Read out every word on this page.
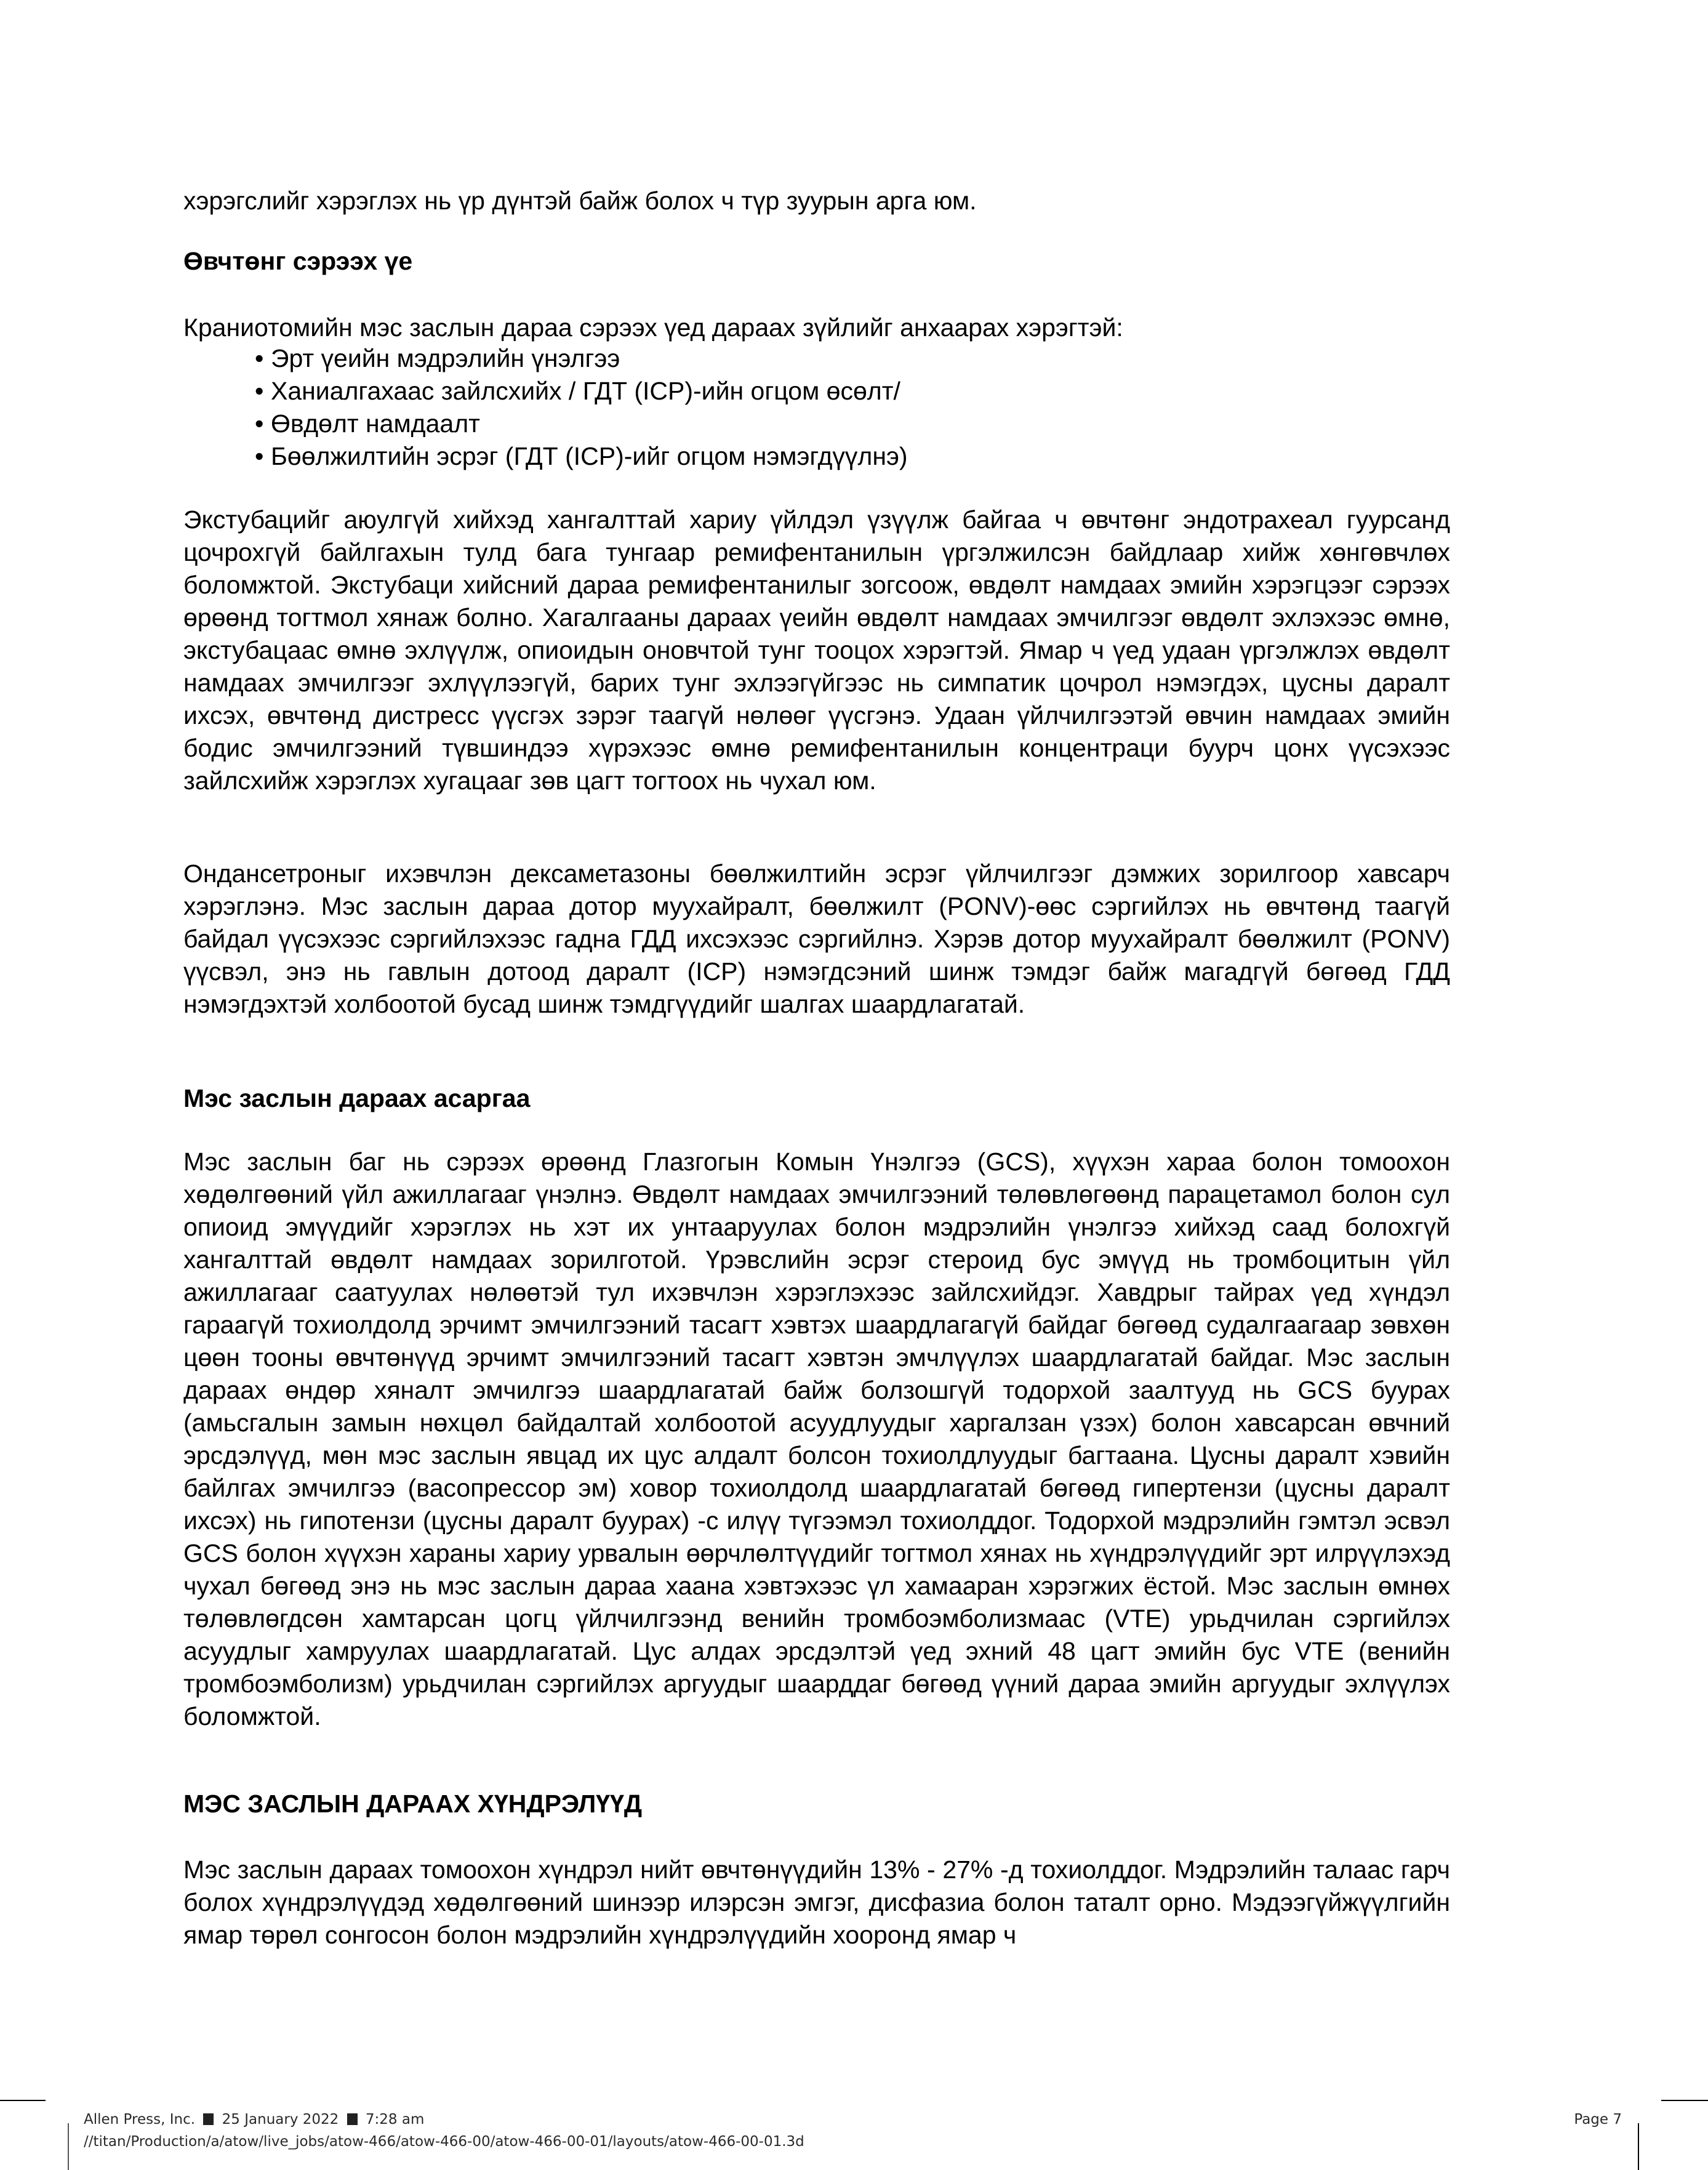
хэрэгслийг хэрэглэх нь үр дүнтэй байж болох ч түр зуурын арга юм.

Өвчтөнг сэрээх үе

Краниотомийн мэс заслын дараа сэрээх үед дараах зүйлийг анхаарах хэрэгтэй:

• Эрт үеийн мэдрэлийн үнэлгээ
• Ханиалгахаас зайлсхийх / ГДТ (ICP)-ийн огцом өсөлт/
• Өвдөлт намдаалт
• Бөөлжилтийн эсрэг (ГДТ (ICP)-ийг огцом нэмэгдүүлнэ)

Экстубацийг аюулгүй хийхэд хангалттай хариу үйлдэл үзүүлж байгаа ч өвчтөнг эндотрахеал гуурсанд цочрохгүй байлгахын тулд бага тунгаар ремифентанилын үргэлжилсэн байдлаар хийж хөнгөвчлөх боломжтой. Экстубаци хийсний дараа ремифентанилыг зогсоож, өвдөлт намдаах эмийн хэрэгцээг сэрээх өрөөнд тогтмол хянаж болно. Хагалгааны дараах үеийн өвдөлт намдаах эмчилгээг өвдөлт эхлэхээс өмнө, экстубацаас өмнө эхлүүлж, опиоидын оновчтой тунг тооцох хэрэгтэй. Ямар ч үед удаан үргэлжлэх өвдөлт намдаах эмчилгээг эхлүүлээгүй, барих тунг эхлээгүйгээс нь симпатик цочрол нэмэгдэх, цусны даралт ихсэх, өвчтөнд дистресс үүсгэх зэрэг таагүй нөлөөг үүсгэнэ. Удаан үйлчилгээтэй өвчин намдаах эмийн бодис эмчилгээний түвшиндээ хүрэхээс өмнө ремифентанилын концентраци буурч цонх үүсэхээс зайлсхийж хэрэглэх хугацааг зөв цагт тогтоох нь чухал юм.

Ондансетроныг ихэвчлэн дексаметазоны бөөлжилтийн эсрэг үйлчилгээг дэмжих зорилгоор хавсарч хэрэглэнэ. Мэс заслын дараа дотор муухайралт, бөөлжилт (PONV)-өөс сэргийлэх нь өвчтөнд таагүй байдал үүсэхээс сэргийлэхээс гадна ГДД ихсэхээс сэргийлнэ. Хэрэв дотор муухайралт бөөлжилт (PONV) үүсвэл, энэ нь гавлын дотоод даралт (ICP) нэмэгдсэний шинж тэмдэг байж магадгүй бөгөөд ГДД нэмэгдэхтэй холбоотой бусад шинж тэмдгүүдийг шалгах шаардлагатай.

Мэс заслын дараах асаргаа

Мэс заслын баг нь сэрээх өрөөнд Глазгогын Комын Үнэлгээ (GCS), хүүхэн хараа болон томоохон хөдөлгөөний үйл ажиллагааг үнэлнэ. Өвдөлт намдаах эмчилгээний төлөвлөгөөнд парацетамол болон сул опиоид эмүүдийг хэрэглэх нь хэт их унтааруулах болон мэдрэлийн үнэлгээ хийхэд саад болохгүй хангалттай өвдөлт намдаах зорилготой. Үрэвслийн эсрэг стероид бус эмүүд нь тромбоцитын үйл ажиллагааг саатуулах нөлөөтэй тул ихэвчлэн хэрэглэхээс зайлсхийдэг. Хавдрыг тайрах үед хүндэл гараагүй тохиолдолд эрчимт эмчилгээний тасагт хэвтэх шаардлагагүй байдаг бөгөөд судалгаагаар зөвхөн цөөн тооны өвчтөнүүд эрчимт эмчилгээний тасагт хэвтэн эмчлүүлэх шаардлагатай байдаг. Мэс заслын дараах өндөр хяналт эмчилгээ шаардлагатай байж болзошгүй тодорхой заалтууд нь GCS буурах (амьсгалын замын нөхцөл байдалтай холбоотой асуудлуудыг харгалзан үзэх) болон хавсарсан өвчний эрсдэлүүд, мөн мэс заслын явцад их цус алдалт болсон тохиолдлуудыг багтаана. Цусны даралт хэвийн байлгах эмчилгээ (васопрессор эм) ховор тохиолдолд шаардлагатай бөгөөд гипертензи (цусны даралт ихсэх) нь гипотензи (цусны даралт буурах) -с илүү түгээмэл тохиолддог. Тодорхой мэдрэлийн гэмтэл эсвэл GCS болон хүүхэн хараны хариу урвалын өөрчлөлтүүдийг тогтмол хянах нь хүндрэлүүдийг эрт илрүүлэхэд чухал бөгөөд энэ нь мэс заслын дараа хаана хэвтэхээс үл хамааран хэрэгжих ёстой. Мэс заслын өмнөх төлөвлөгдсөн хамтарсан цогц үйлчилгээнд венийн тромбоэмболизмаас (VTE) урьдчилан сэргийлэх асуудлыг хамруулах шаардлагатай. Цус алдах эрсдэлтэй үед эхний 48 цагт эмийн бус VTE (венийн тромбоэмболизм) урьдчилан сэргийлэх аргуудыг шаарддаг бөгөөд үүний дараа эмийн аргуудыг эхлүүлэх боломжтой.

МЭС ЗАСЛЫН ДАРААХ ХҮНДРЭЛҮҮД

Мэс заслын дараах томоохон хүндрэл нийт өвчтөнүүдийн 13% - 27% -д тохиолддог. Мэдрэлийн талаас гарч болох хүндрэлүүдэд хөдөлгөөний шинээр илэрсэн эмгэг, дисфазиа болон таталт орно. Мэдээгүйжүүлгийн ямар төрөл сонгосон болон мэдрэлийн хүндрэлүүдийн хооронд ямар ч

Allen Press, Inc. 25 January 2022 7:28 am
//titan/Production/a/atow/live_jobs/atow-466/atow-466-00/atow-466-00-01/layouts/atow-466-00-01.3d
Page 7
